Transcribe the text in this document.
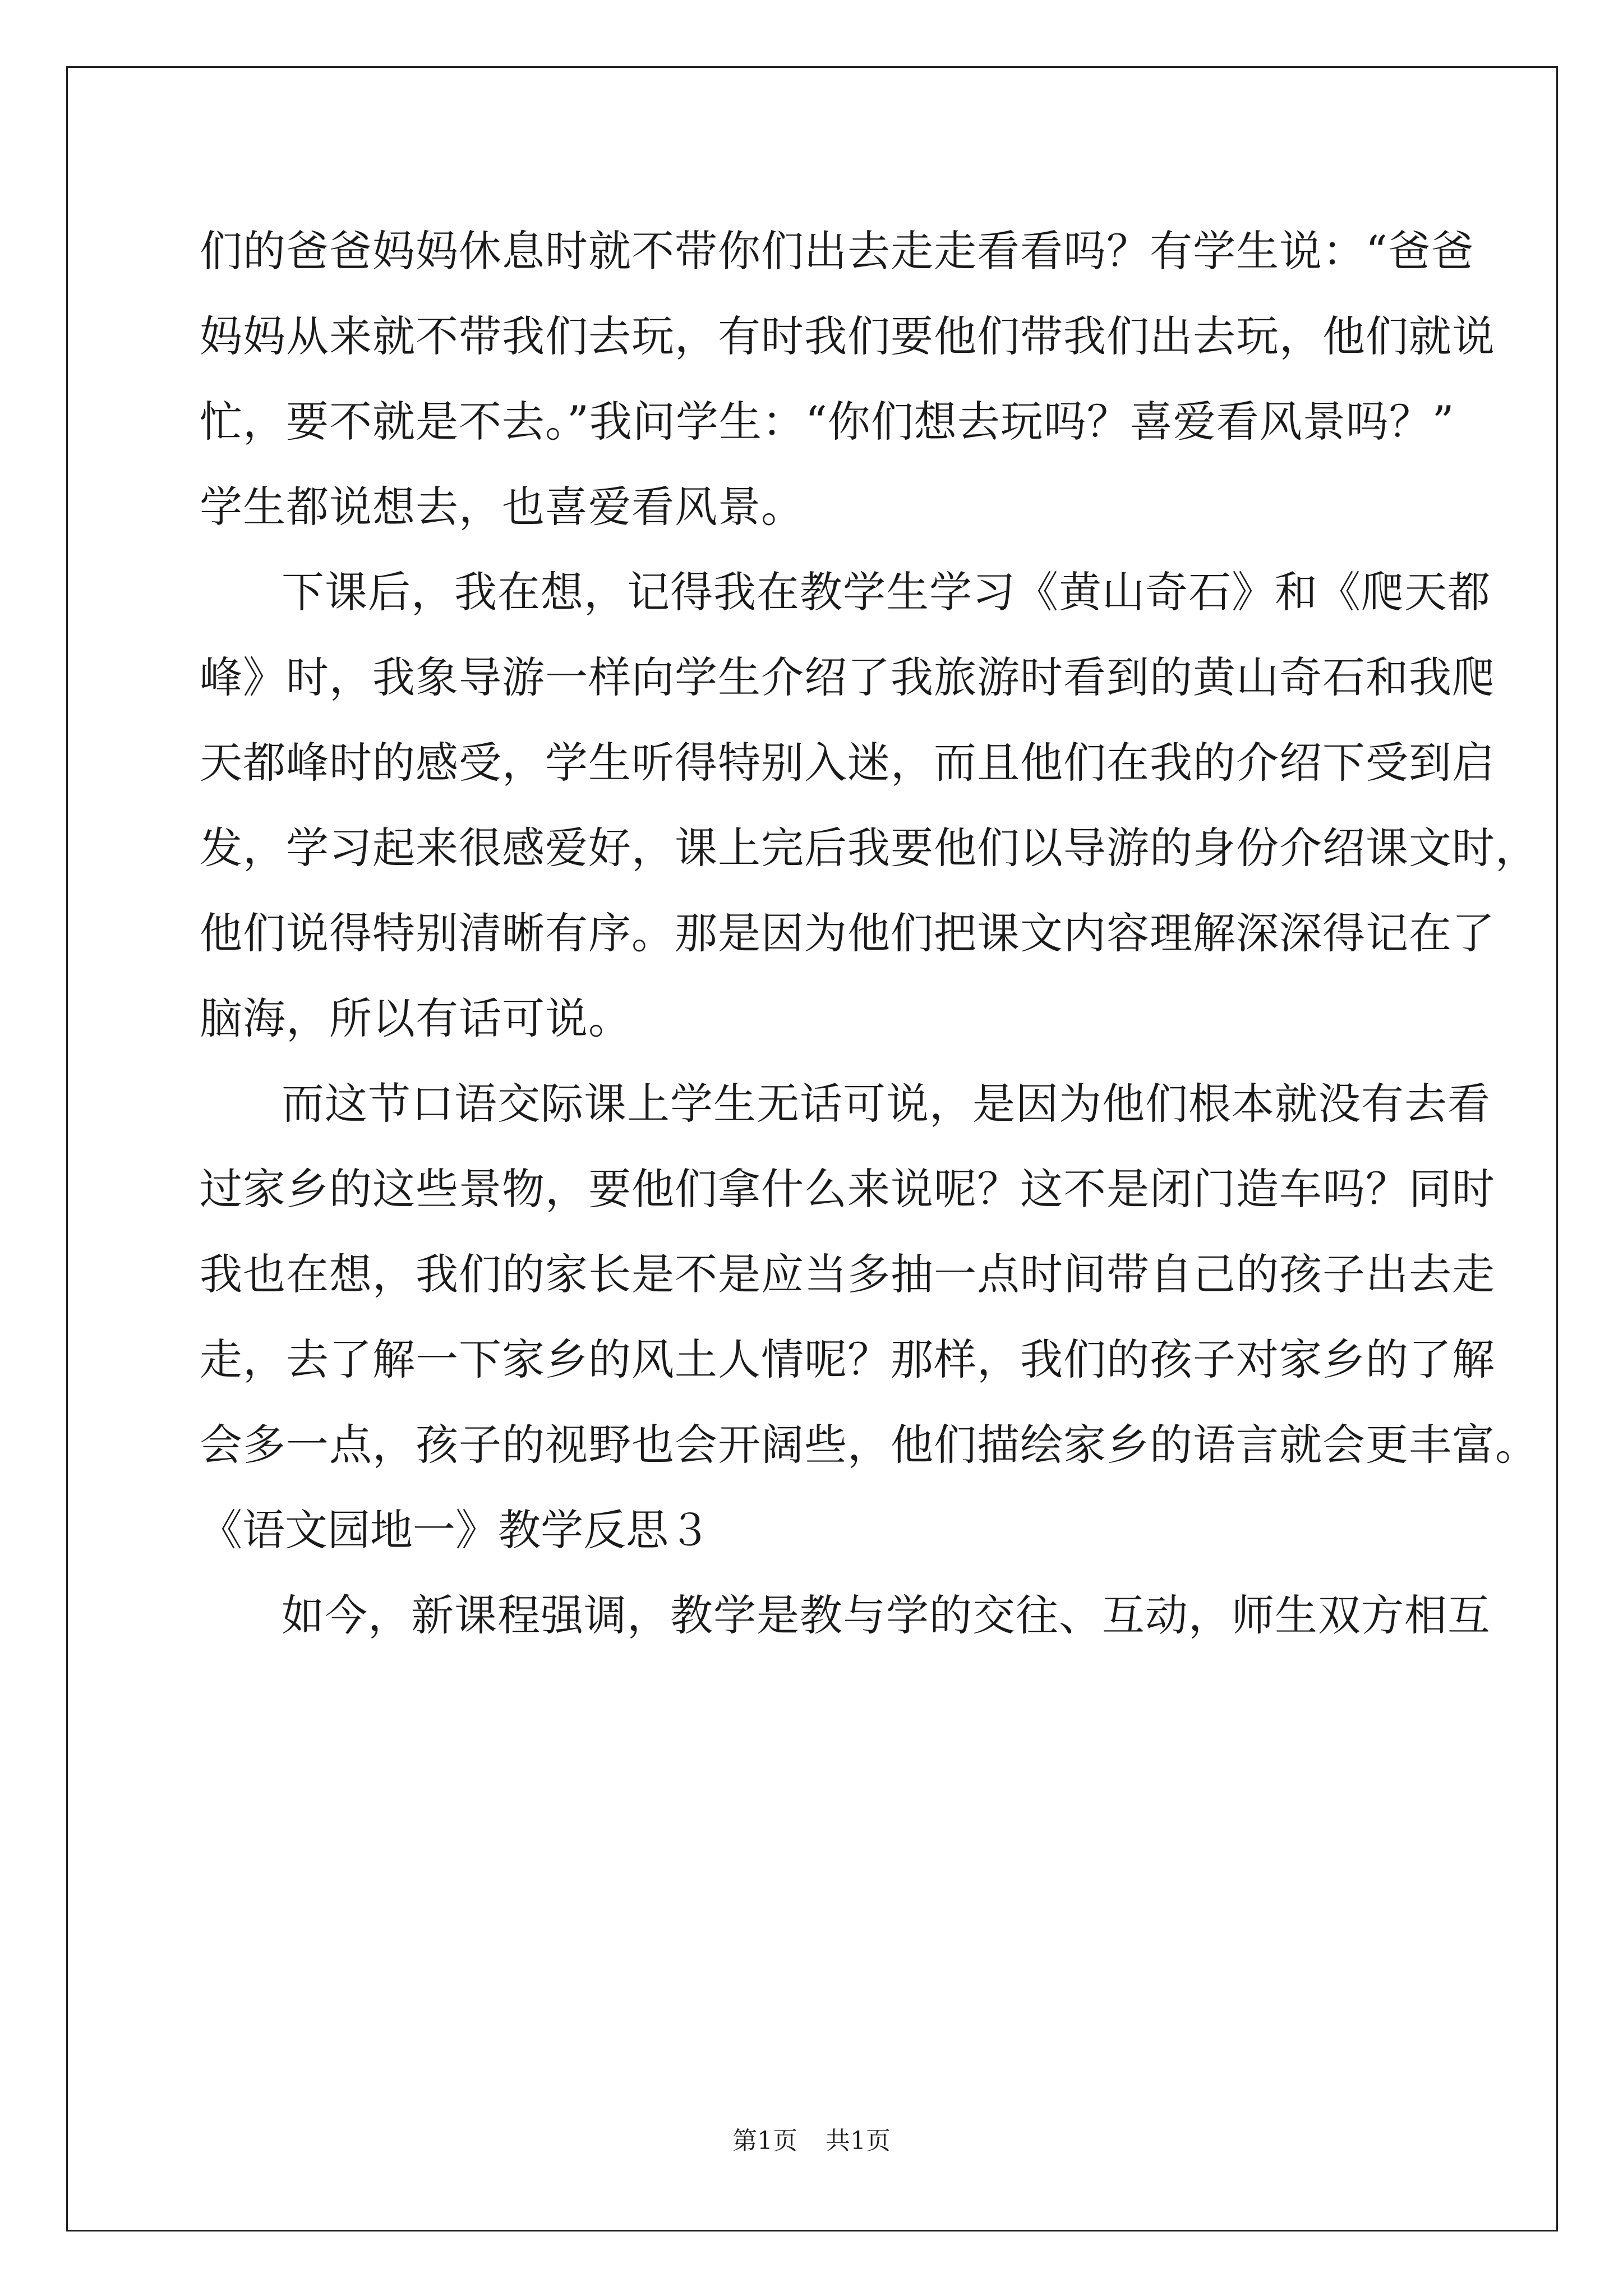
们的爸爸妈妈休息时就不带你们出去走走看看吗？有学生说：“爸爸
妈妈从来就不带我们去玩，有时我们要他们带我们出去玩，他们就说
忙，要不就是不去。”我问学生：“你们想去玩吗？喜爱看风景吗？”
学生都说想去，也喜爱看风景。
下课后，我在想，记得我在教学生学习《黄山奇石》和《爬天都
峰》时，我象导游一样向学生介绍了我旅游时看到的黄山奇石和我爬
天都峰时的感受，学生听得特别入迷，而且他们在我的介绍下受到启
发，学习起来很感爱好，课上完后我要他们以导游的身份介绍课文时，
他们说得特别清晰有序。那是因为他们把课文内容理解深深得记在了
脑海，所以有话可说。
而这节口语交际课上学生无话可说，是因为他们根本就没有去看
过家乡的这些景物，要他们拿什么来说呢？这不是闭门造车吗？同时
我也在想，我们的家长是不是应当多抽一点时间带自己的孩子出去走
走，去了解一下家乡的风土人情呢？那样，我们的孩子对家乡的了解
会多一点，孩子的视野也会开阔些，他们描绘家乡的语言就会更丰富。
《语文园地一》教学反思３
如今，新课程强调，教学是教与学的交往、互动，师生双方相互
第1页 共1页
